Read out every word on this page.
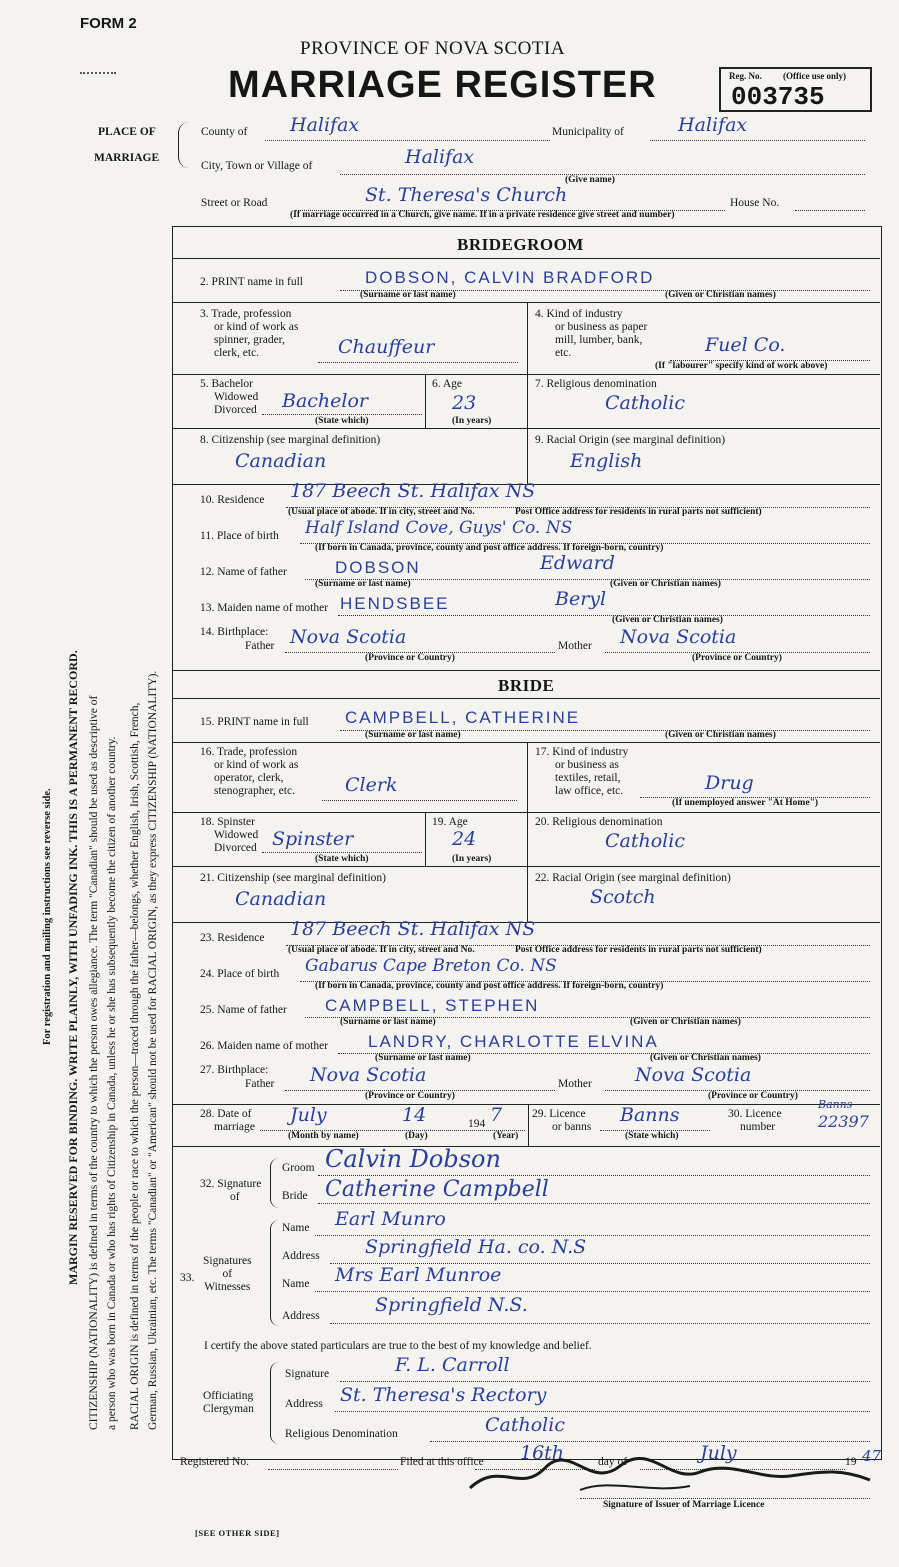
FORM 2
PROVINCE OF NOVA SCOTIA
MARRIAGE REGISTER	Reg. No. (Office use only)
003735
PLACE OF
MARRIAGE
County of Halifax	Municipality of	Halifax
City, Town or Village of	Halifax
(Give name)
Street or Road	St. Theresa's Church	House No.
(If marriage occurred in a Church, give name. If in a private residence give street and number)
For registration and mailing instructions see reverse side. MARGIN RESERVED FOR BINDING. WRITE PLAINLY, WITH UNFADING INK. THIS IS A PERMANENT RECORD. CITIZENSHIP (NATIONALITY) is defined in terms of the country to which the person owes allegiance. The term "Canadian" should be used as descriptive of a person who was born in Canada or who has rights of Citizenship in Canada, unless he or she has subsequently become the citizen of another country. RACIAL ORIGIN is defined in terms of the people or race to which the person—traced through the father—belongs, whether English, Irish, Scottish, French, German, Russian, Ukrainian, etc. The terms "Canadian" or "American" should not be used for RACIAL ORIGIN, as they express CITIZENSHIP (NATIONALITY).
BRIDEGROOM
2. PRINT name in full	DOBSON, CALVIN BRADFORD
(Surname or last name)	(Given or Christian names)
3. Trade, profession
or kind of work as
spinner, grader,
clerk, etc.	Chauffeur
4. Kind of industry
or business as paper
mill, lumber, bank,
etc.	Fuel Co.
(If "labourer" specify kind of work above)
5. Bachelor
Widowed
Divorced Bachelor
(State which)
6. Age
23
(In years)
7. Religious denomination
Catholic
8. Citizenship (see marginal definition)
Canadian
9. Racial Origin (see marginal definition)
English
10. Residence 187 Beech St. Halifax NS
(Usual place of abode. If in city, street and No.	Post Office address for residents in rural parts not sufficient)
11. Place of birth Half Island Cove, Guys' Co. NS
(If born in Canada, province, county and post office address. If foreign-born, country)
12. Name of father	DOBSON	Edward
(Surname or last name)	(Given or Christian names)
13. Maiden name of mother HENDSBEE	Beryl
(Given or Christian names)
14. Birthplace:
Father Nova Scotia
(Province or Country)
Mother Nova Scotia
(Province or Country)
BRIDE
15. PRINT name in full CAMPBELL, CATHERINE
(Surname or last name)	(Given or Christian names)
16. Trade, profession
or kind of work as
operator, clerk,
stenographer, etc.	Clerk
17. Kind of industry
or business as
textiles, retail,
law office, etc.	Drug
(If unemployed answer "At Home")
18. Spinster
Widowed
Divorced Spinster
(State which)
19. Age
24
(In years)
20. Religious denomination
Catholic
21. Citizenship (see marginal definition)
Canadian
22. Racial Origin (see marginal definition)
Scotch
23. Residence 187 Beech St. Halifax NS
(Usual place of abode. If in city, street and No.	Post Office address for residents in rural parts not sufficient)
24. Place of birth Gabarus Cape Breton Co. NS
(If born in Canada, province, county and post office address. If foreign-born, country)
25. Name of father CAMPBELL, STEPHEN
(Surname or last name)	(Given or Christian names)
26. Maiden name of mother LANDRY, CHARLOTTE ELVINA
(Surname or last name)	(Given or Christian names)
27. Birthplace:
Father Nova Scotia
(Province or Country)
Mother Nova Scotia
(Province or Country)
28. Date of
marriage
July	14	194 7
(Month by name)	(Day)	(Year)
29. Licence
or banns
Banns
(State which)
30. Licence
number
Banns
22397
32. Signature
of
Groom Calvin Dobson
Bride Catherine Campbell
33.
Signatures
of
Witnesses
Name Earl Munro
Address Springfield Ha. co. N.S
Name Mrs Earl Munroe
Address	Springfield N.S.
I certify the above stated particulars are true to the best of my knowledge and belief.
Officiating
Clergyman
Signature	F. L. Carroll
Address St. Theresa's Rectory
Religious Denomination	Catholic
Registered No.	Filed at this office 16th	day of	July	19 47
Signature of Issuer of Marriage Licence
[SEE OTHER SIDE]
